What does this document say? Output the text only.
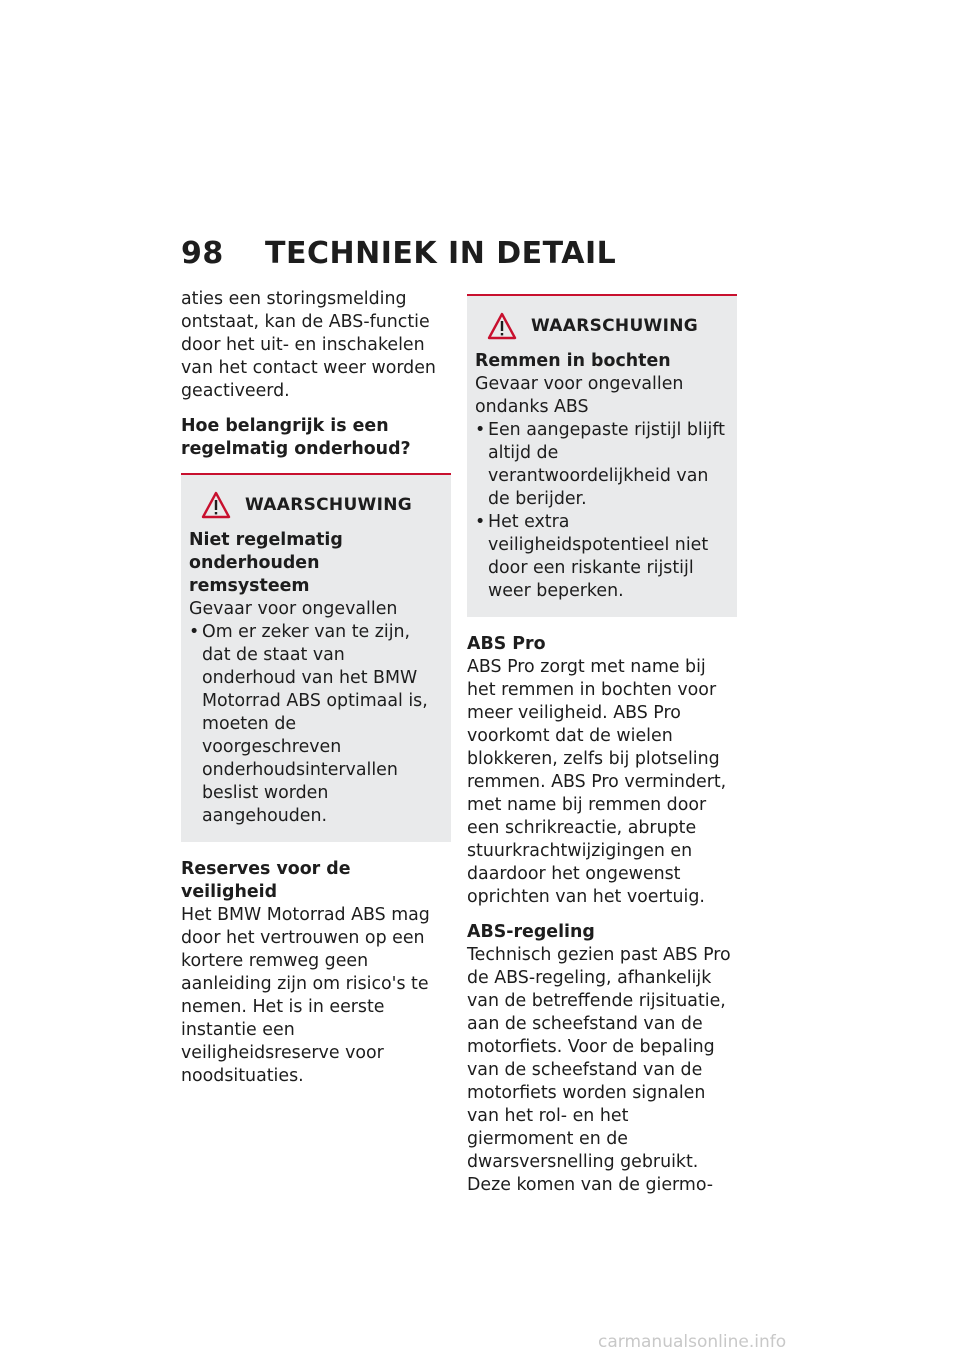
98	TECHNIEK IN DETAIL

aties een storingsmelding ontstaat, kan de ABS-functie door het uit- en inschakelen van het contact weer worden geactiveerd.

Hoe belangrijk is een regelmatig onderhoud?

WAARSCHUWING
Niet regelmatig onderhouden remsysteem
Gevaar voor ongevallen
• Om er zeker van te zijn, dat de staat van onderhoud van het BMW Motorrad ABS optimaal is, moeten de voorgeschreven onderhoudsintervallen beslist worden aangehouden.

Reserves voor de veiligheid

Het BMW Motorrad ABS mag door het vertrouwen op een kortere remweg geen aanleiding zijn om risico's te nemen. Het is in eerste instantie een veiligheidsreserve voor noodsituaties.

WAARSCHUWING
Remmen in bochten
Gevaar voor ongevallen ondanks ABS
• Een aangepaste rijstijl blijft altijd de verantwoordelijkheid van de berijder.
• Het extra veiligheidspotentieel niet door een riskante rijstijl weer beperken.

ABS Pro

ABS Pro zorgt met name bij het remmen in bochten voor meer veiligheid. ABS Pro voorkomt dat de wielen blokkeren, zelfs bij plotseling remmen. ABS Pro vermindert, met name bij remmen door een schrikreactie, abrupte stuurkrachtwijzigingen en daardoor het ongewenst oprichten van het voertuig.

ABS-regeling

Technisch gezien past ABS Pro de ABS-regeling, afhankelijk van de betreffende rijsituatie, aan de scheefstand van de motorfiets. Voor de bepaling van de scheefstand van de motorfiets worden signalen van het rol- en het giermoment en de dwarsversnelling gebruikt. Deze komen van de giermo-

carmanualsonline.info
